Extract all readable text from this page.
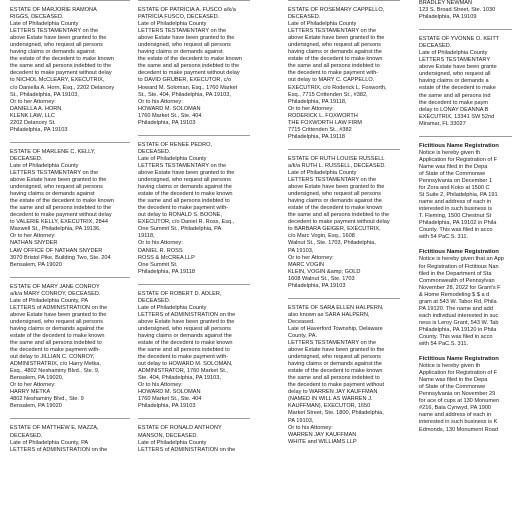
ESTATE OF MARJORIE RAMONA
RIGGS, DECEASED.
Late of Philadelphia County
LETTERS TESTAMENTARY on the
above Estate have been granted to the
undersigned, who request all persons
having claims or demands against
the estate of the decedent to make known
the same and all persons indebted to the
decedent to make payment without delay
to NICHOL McCLEARY, EXECUTRIX,
c/o Daniella A. Horn, Esq., 2202 Delancey
St., Philadelphia, PA 19103,
Or to her Attorney:
DANIELLA A. HORN
KLENK LAW, LLC
2202 Delancey St.
Philadelphia, PA 19103
ESTATE OF MARLENE C. KELLY,
DECEASED.
Late of Philadelphia County
LETTERS TESTAMENTARY on the
above Estate have been granted to the
undersigned, who request all persons
having claims or demands against
the estate of the decedent to make known
the same and all persons indebted to the
decedent to make payment without delay
to VALERIE KELLY, EXECUTRIX, 2844
Maxwell St., Philadelphia, PA 19136,
Or to her Attorney:
NATHAN SNYDER
LAW OFFICE OF NATHAN SNYDER
3070 Bristol Pike, Building Two, Ste. 204
Bensalem, PA 19020
ESTATE OF MARY JANE CONROY
a/k/a MARY CONROY, DECEASED.
Late of Philadelphia County, PA
LETTERS of ADMINISTRATION on the
above Estate have been granted to the
undersigned, who request all persons
having claims or demands against the
estate of the decedent to make known
the same and all persons indebted to
the decedent to make payment with-
out delay to JILLIAN C. CONROY,
ADMINISTRATRIX, c/o Harry Metka,
Esq., 4802 Neshaminy Blvd., Ste. 9,
Bensalem, PA 19020,
Or to her Attorney:
HARRY METKA
4802 Neshaminy Blvd., Ste. 9
Bensalem, PA 19020
ESTATE OF MATTHEW E. MAZZA,
DECEASED.
Late of Philadelphia County, PA
LETTERS of ADMINISTRATION on the
ESTATE OF PATRICIA A. FUSCO a/k/a
PATRICIA FUSCO, DECEASED.
Late of Philadelphia County
LETTERS TESTAMENTARY on the
above Estate have been granted to the
undersigned, who request all persons
having claims or demands against
the estate of the decedent to make known
the same and all persons indebted to the
decedent to make payment without delay
to DAVID GRUBER, EXECUTOR, c/o
Howard M. Soloman, Esq., 1760 Market
St., Ste. 404, Philadelphia, PA 19103,
Or to his Attorney:
HOWARD M. SOLOMAN
1760 Market St., Ste. 404
Philadelphia, PA 19103
ESTATE OF RENEE PEDRO,
DECEASED.
Late of Philadelphia County
LETTERS TESTAMENTARY on the
above Estate have been granted to the
undersigned, who request all persons
having claims or demands against the
estate of the decedent to make known
the same and all persons indebted to
the decedent to make payment with-
out delay to RONALD S. BOONE,
EXECUTOR, c/o Daniel R. Ross, Esq.,
One Summit St., Philadelphia, PA
19118,
Or to his Attorney:
DANIEL R. ROSS
ROSS & McCREA LLP
One Summit St.
Philadelphia, PA 19118
ESTATE OF ROBERT D. ADLER,
DECEASED.
Late of Philadelphia County
LETTERS of ADMINISTRATION on the
above Estate have been granted to the
undersigned, who request all persons
having claims or demands against the
estate of the decedent to make known
the same and all persons indebted to
the decedent to make payment with-
out delay to HOWARD M. SOLOMAN,
ADMINISTRATOR, 1760 Market St.,
Ste. 404, Philadelphia, PA 19103,
Or to his Attorney:
HOWARD M. SOLOMAN
1760 Market St., Ste. 404
Philadelphia, PA 19103
ESTATE OF RONALD ANTHONY
MANSON, DECEASED.
Late of Philadelphia County
LETTERS of ADMINISTRATION on the
ESTATE OF ROSEMARY CAPPELLO,
DECEASED.
Late of Philadelphia County
LETTERS TESTAMENTARY on the
above Estate have been granted to the
undersigned, who request all persons
having claims or demands against the
estate of the decedent to make known
the same and all persons indebted to
the decedent to make payment with-
out delay to MARY C. CAPPELLO,
EXECUTRIX, c/o Roderick L. Foxworth,
Esq., 7715 Crittenden St., #382,
Philadelphia, PA 19118,
Or to her Attorney:
RODERICK L. FOXWORTH
THE FOXWORTH LAW FIRM
7715 Crittenden St., #382
Philadelphia, PA 19118
ESTATE OF RUTH LOUISE RUSSELL
a/k/a RUTH L. RUSSELL, DECEASED.
Late of Philadelphia County
LETTERS TESTAMENTARY on the
above Estate have been granted to the
undersigned, who request all persons
having claims or demands against the
estate of the decedent to make known
the same and all persons indebted to the
decedent to make payment without delay
to BARBARA GEIGER, EXECUTRIX,
c/o Marc Vogin, Esq., 1608
Walnut St., Ste. 1703, Philadelphia,
PA 19103,
Or to her Attorney:
MARC VOGIN
KLEIN, VOGIN &amp; GOLD
1608 Walnut St., Ste. 1703
Philadelphia, PA 19103
ESTATE OF SARA ELLEN HALPERN,
also known as SARA HALPERN,
Deceased.
Late of Haverford Township, Delaware
County, PA.
LETTERS TESTAMENTARY on the
above Estate have been granted to the
undersigned, who request all persons
having claims or demands against the
estate of the decedent to make known
the same and all persons indebted to
the decedent to make payment without
delay to WARREN JAY KAUFFMAN
(NAMED IN WILL AS WARREN J.
KAUFFMAN), EXECUTOR, 1650
Market Street, Ste. 1800, Philadelphia,
PA 19103,
Or to his Attorney:
WARREN JAY KAUFFMAN
WHITE and WILLIAMS LLP
BRADLEY NEWMAN
123 S. Broad Street, Ste. 1030
Philadelphia, PA 19109
ESTATE OF YVONNE O. KEITT
DECEASED.
Late of Philadelphia County
LETTERS TESTAMENTARY
above Estate have been grante
undersigned, who request all
having claims or demands a
estate of the decedent to make
the same and all persons ind
the decedent to make paym
delay to LONAY DEANNA B
EXECUTRIX, 13341 SW 52nd
Miramar, FL 33027
Fictitious Name Registration
Notice is hereby given th
Application for Registration of F
Name was filed in the Depa
of State of the Commonwe
Pennsylvania on December 1
for Zora and Koko at 1500 C
St Suite 2, Philadelphia, PA 191
name and address of each in
interested in such business is
T. Fleming, 1500 Chestnut St
Philadelphia, PA 19102 in Phila
County. This was filed in acco
with 54 PaC.S. 311.
Fictitious Name Registration
Notice is hereby given that an App
for Registration of Fictitious Nan
filed in the Department of Sta
Commonwealth of Pennsylvan
November 28, 2022 for Grant's F
& Home Remodeling $ $ a d
gram at 543 W. Tabor Rd, Phila
PA 19120. The name and add
each individual interested in suc
ness is Leroy Grant, 543 W. Tab
Philadelphia, PA 19120 in Phila
County. This was filed in acco
with 54 PaC.S. 311.
Fictitious Name Registration
Notice is hereby given th
Application for Registration of F
Name was filed in the Depa
of State of the Commonwe
Pennsylvania on November 29
for ace of cups at 130 Monumen
#216, Bala Cynwyd, PA 1900
name and address of each in
interested in such business is K
Edmonds, 130 Monument Road
